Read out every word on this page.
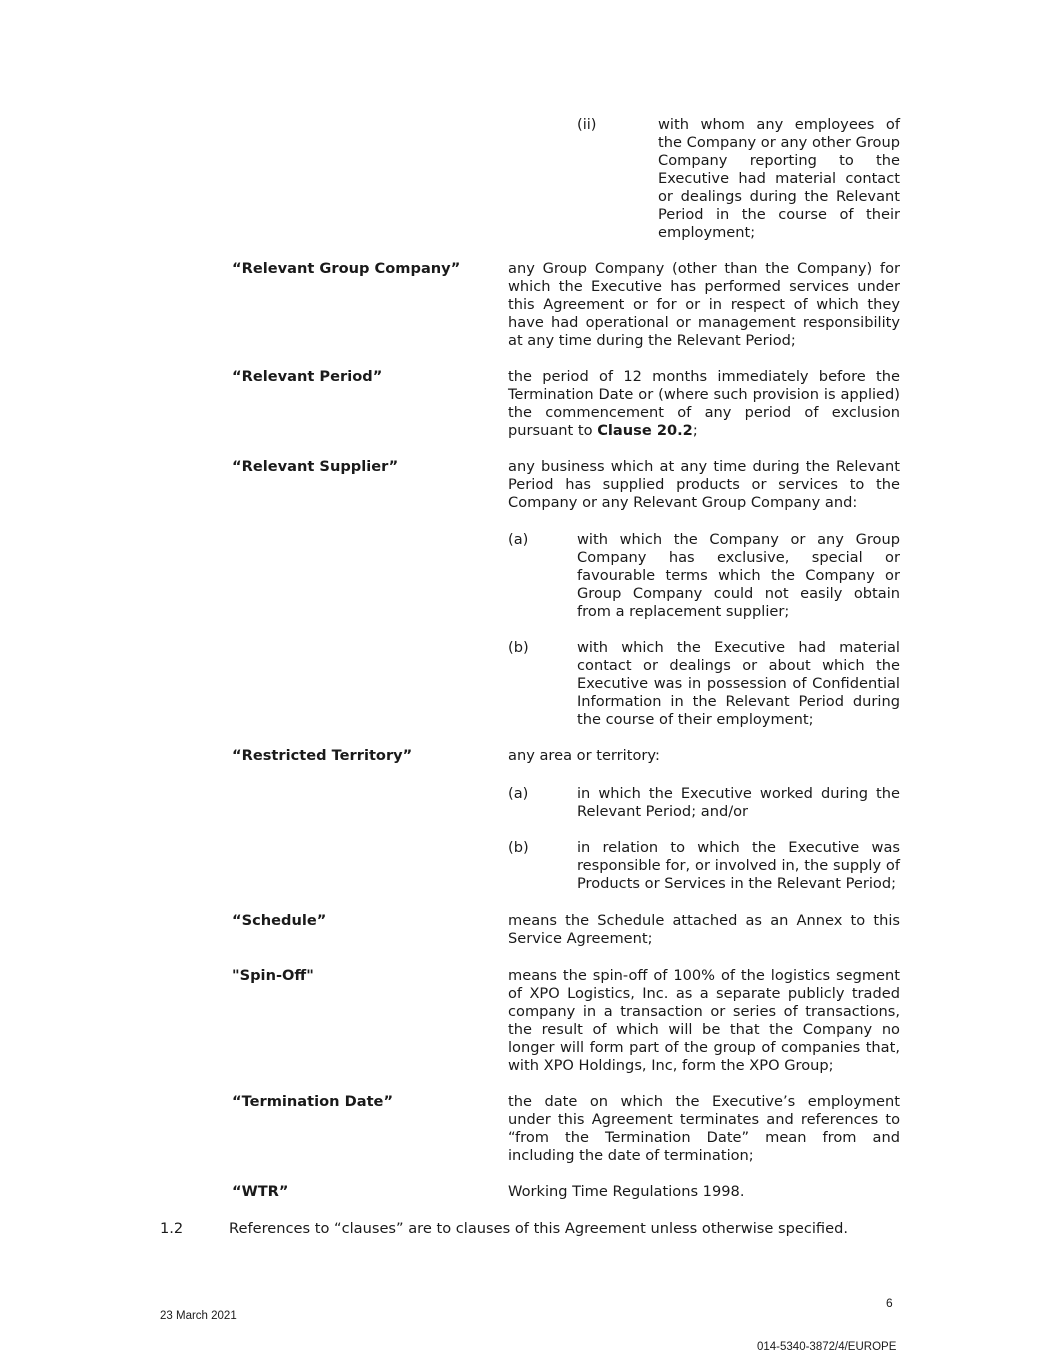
(ii)	with whom any employees of the Company or any other Group Company reporting to the Executive had material contact or dealings during the Relevant Period in the course of their employment;
“Relevant Group Company”	any Group Company (other than the Company) for which the Executive has performed services under this Agreement or for or in respect of which they have had operational or management responsibility at any time during the Relevant Period;
“Relevant Period”	the period of 12 months immediately before the Termination Date or (where such provision is applied) the commencement of any period of exclusion pursuant to Clause 20.2;
“Relevant Supplier”	any business which at any time during the Relevant Period has supplied products or services to the Company or any Relevant Group Company and:
(a)	with which the Company or any Group Company has exclusive, special or favourable terms which the Company or Group Company could not easily obtain from a replacement supplier;
(b)	with which the Executive had material contact or dealings or about which the Executive was in possession of Confidential Information in the Relevant Period during the course of their employment;
“Restricted Territory”	any area or territory:
(a)	in which the Executive worked during the Relevant Period; and/or
(b)	in relation to which the Executive was responsible for, or involved in, the supply of Products or Services in the Relevant Period;
“Schedule”	means the Schedule attached as an Annex to this Service Agreement;
"Spin-Off"	means the spin-off of 100% of the logistics segment of XPO Logistics, Inc. as a separate publicly traded company in a transaction or series of transactions, the result of which will be that the Company no longer will form part of the group of companies that, with XPO Holdings, Inc, form the XPO Group;
“Termination Date”	the date on which the Executive’s employment under this Agreement terminates and references to “from the Termination Date” mean from and including the date of termination;
“WTR”	Working Time Regulations 1998.
1.2	References to “clauses” are to clauses of this Agreement unless otherwise specified.
6
23 March 2021
014-5340-3872/4/EUROPE
